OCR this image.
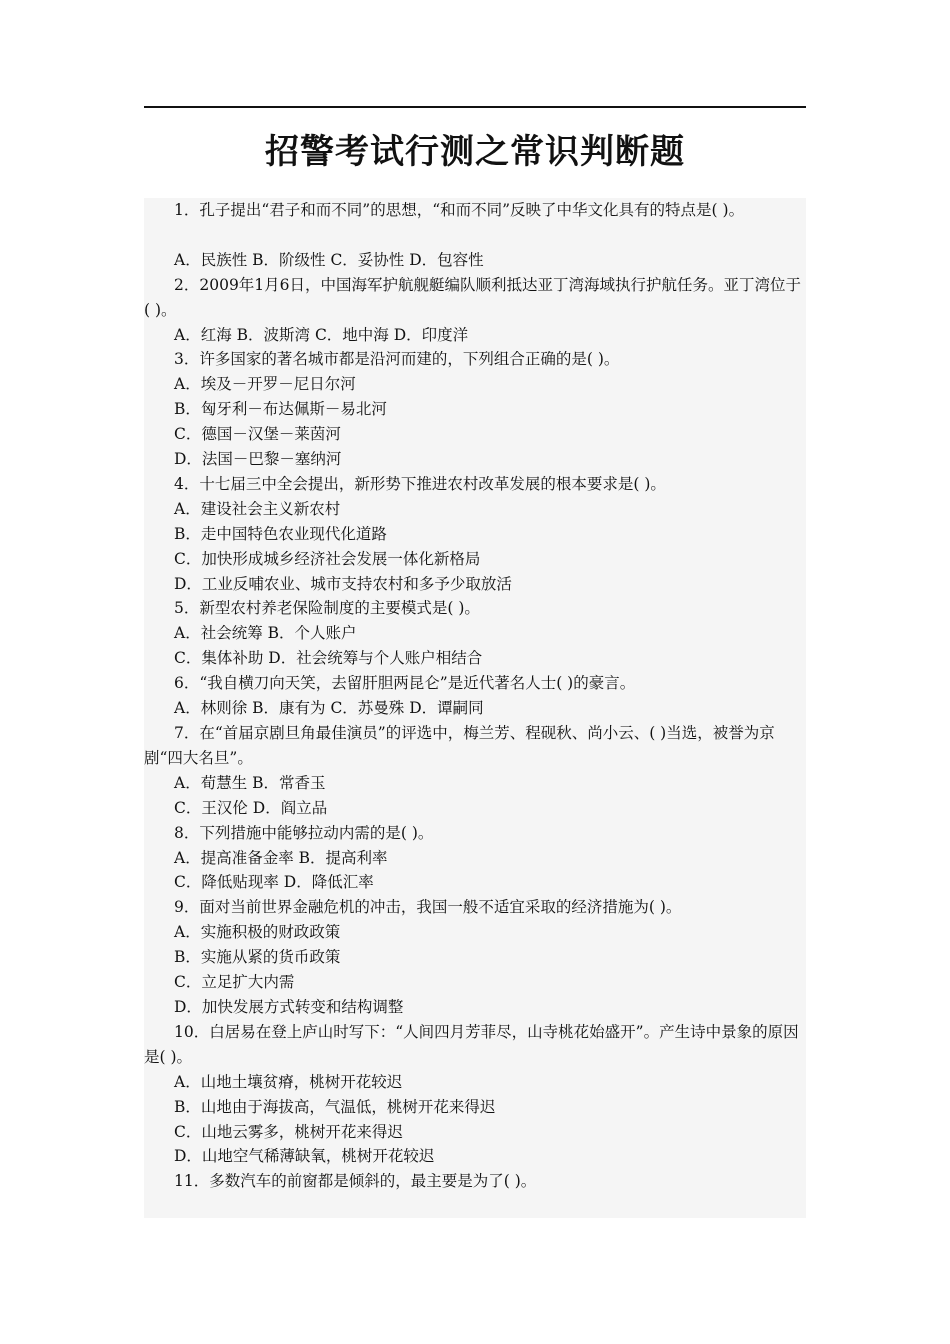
招警考试行测之常识判断题
1．孔子提出“君子和而不同”的思想，“和而不同”反映了中华文化具有的特点是( )。
A．民族性 B．阶级性 C．妥协性 D．包容性
2．2009年1月6日，中国海军护航舰艇编队顺利抵达亚丁湾海域执行护航任务。亚丁湾位于( )。
A．红海 B．波斯湾 C．地中海 D．印度洋
3．许多国家的著名城市都是沿河而建的，下列组合正确的是( )。
A．埃及－开罗－尼日尔河
B．匈牙利－布达佩斯－易北河
C．德国－汉堡－莱茵河
D．法国－巴黎－塞纳河
4．十七届三中全会提出，新形势下推进农村改革发展的根本要求是( )。
A．建设社会主义新农村
B．走中国特色农业现代化道路
C．加快形成城乡经济社会发展一体化新格局
D．工业反哺农业、城市支持农村和多予少取放活
5．新型农村养老保险制度的主要模式是( )。
A．社会统筹 B．个人账户
C．集体补助 D．社会统筹与个人账户相结合
6．“我自横刀向天笑，去留肝胆两昆仑”是近代著名人士( )的豪言。
A．林则徐 B．康有为 C．苏曼殊 D．谭嗣同
7．在“首届京剧旦角最佳演员”的评选中，梅兰芳、程砚秋、尚小云、( )当选，被誉为京剧“四大名旦”。
A．荀慧生 B．常香玉
C．王汉伦 D．阎立品
8．下列措施中能够拉动内需的是( )。
A．提高准备金率 B．提高利率
C．降低贴现率 D．降低汇率
9．面对当前世界金融危机的冲击，我国一般不适宜采取的经济措施为( )。
A．实施积极的财政政策
B．实施从紧的货币政策
C．立足扩大内需
D．加快发展方式转变和结构调整
10．白居易在登上庐山时写下：“人间四月芳菲尽，山寺桃花始盛开”。产生诗中景象的原因是( )。
A．山地土壤贫瘠，桃树开花较迟
B．山地由于海拔高，气温低，桃树开花来得迟
C．山地云雾多，桃树开花来得迟
D．山地空气稀薄缺氧，桃树开花较迟
11．多数汽车的前窗都是倾斜的，最主要是为了( )。
